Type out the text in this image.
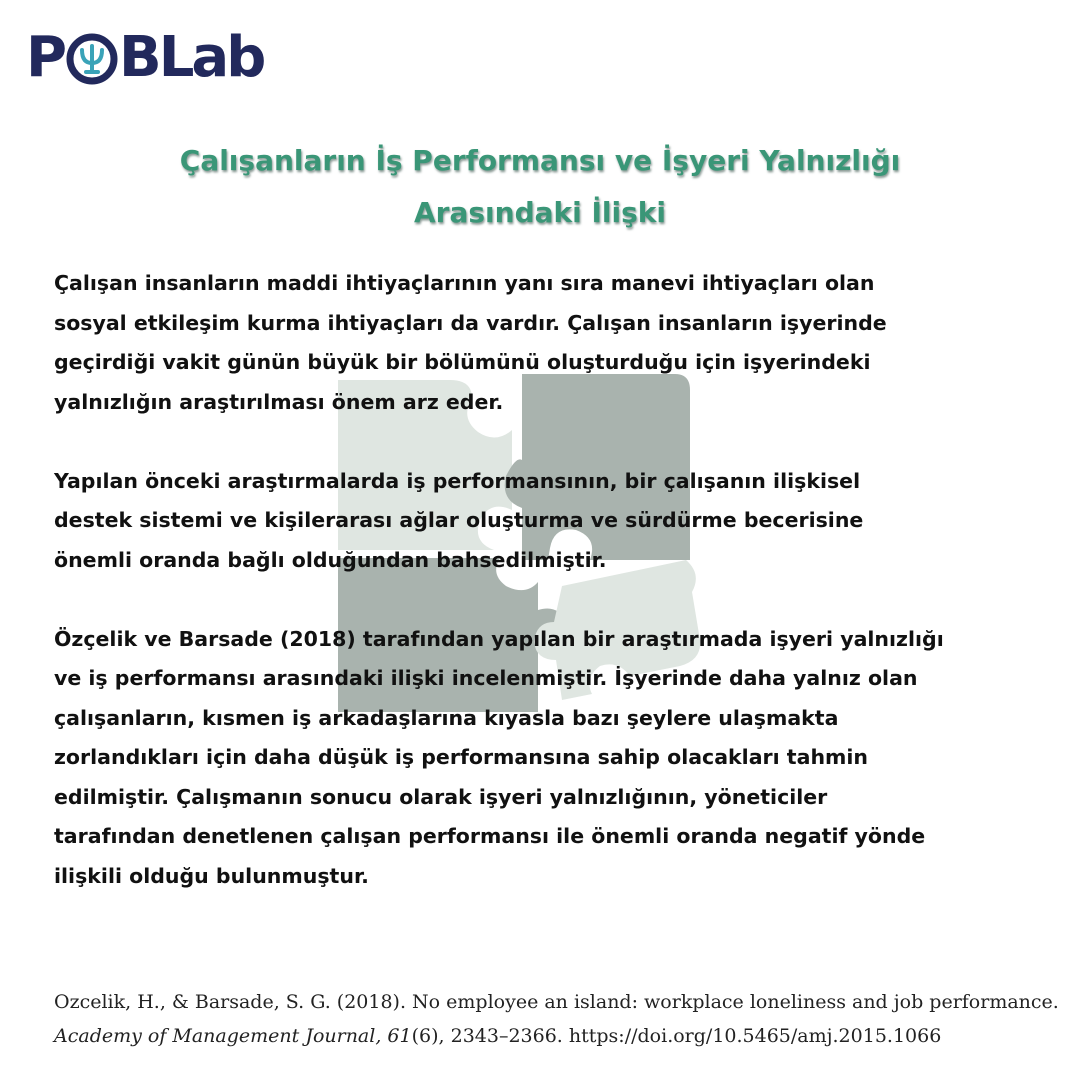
P BLab
Çalışanların İş Performansı ve İşyeri Yalnızlığı
Arasındaki İlişki

Çalışan insanların maddi ihtiyaçlarının yanı sıra manevi ihtiyaçları olan
sosyal etkileşim kurma ihtiyaçları da vardır. Çalışan insanların işyerinde
geçirdiği vakit günün büyük bir bölümünü oluşturduğu için işyerindeki
yalnızlığın araştırılması önem arz eder.

Yapılan önceki araştırmalarda iş performansının, bir çalışanın ilişkisel
destek sistemi ve kişilerarası ağlar oluşturma ve sürdürme becerisine
önemli oranda bağlı olduğundan bahsedilmiştir.

Özçelik ve Barsade (2018) tarafından yapılan bir araştırmada işyeri yalnızlığı
ve iş performansı arasındaki ilişki incelenmiştir. İşyerinde daha yalnız olan
çalışanların, kısmen iş arkadaşlarına kıyasla bazı şeylere ulaşmakta
zorlandıkları için daha düşük iş performansına sahip olacakları tahmin
edilmiştir. Çalışmanın sonucu olarak işyeri yalnızlığının, yöneticiler
tarafından denetlenen çalışan performansı ile önemli oranda negatif yönde
ilişkili olduğu bulunmuştur.

Ozcelik, H., & Barsade, S. G. (2018). No employee an island: workplace loneliness and job performance.
Academy of Management Journal, 61(6), 2343–2366. https://doi.org/10.5465/amj.2015.1066
